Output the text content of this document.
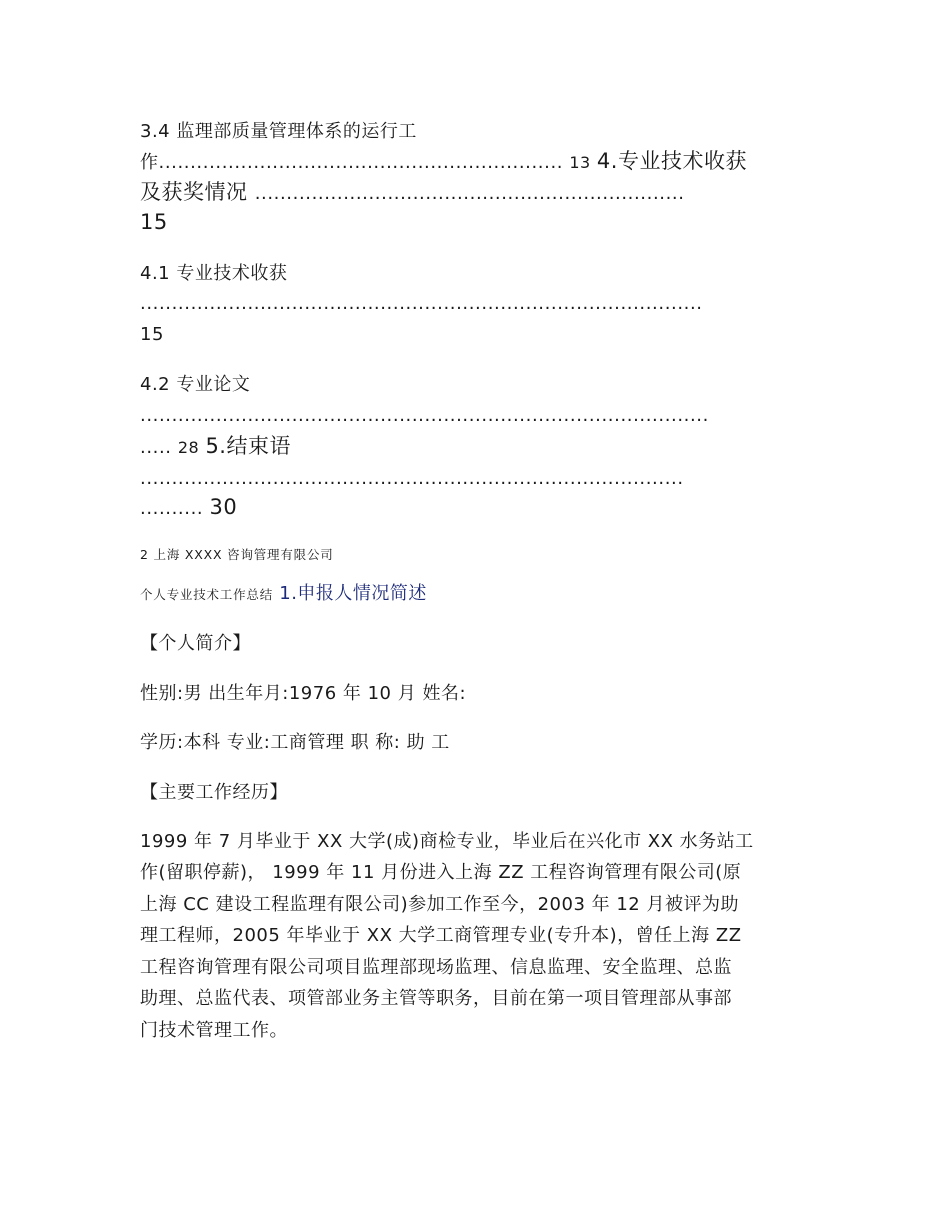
3.4 监理部质量管理体系的运行工
作................................................................ 13 4.专业技术收获
及获奖情况 ....................................................................
15
4.1 专业技术收获
.........................................................................................
15
4.2 专业论文
..........................................................................................
..... 28 5.结束语
......................................................................................
.......... 30
2 上海 XXXX 咨询管理有限公司
个人专业技术工作总结 1.申报人情况简述
【个人简介】
性别:男 出生年月:1976 年 10 月 姓名:
学历:本科 专业:工商管理 职 称: 助 工
【主要工作经历】
1999 年 7 月毕业于 XX 大学(成)商检专业，毕业后在兴化市 XX 水务站工
作(留职停薪)， 1999 年 11 月份进入上海 ZZ 工程咨询管理有限公司(原
上海 CC 建设工程监理有限公司)参加工作至今，2003 年 12 月被评为助
理工程师，2005 年毕业于 XX 大学工商管理专业(专升本)，曾任上海 ZZ
工程咨询管理有限公司项目监理部现场监理、信息监理、安全监理、总监
助理、总监代表、项管部业务主管等职务，目前在第一项目管理部从事部
门技术管理工作。
